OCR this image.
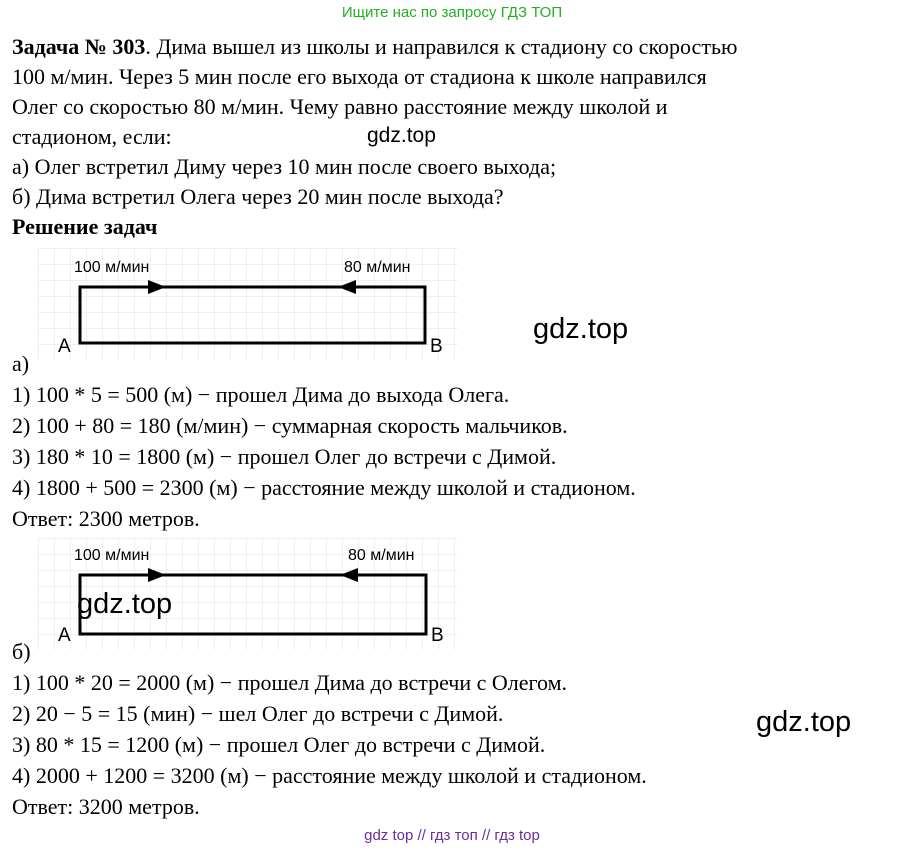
Ищите нас по запросу ГДЗ ТОП
Задача № 303. Дима вышел из школы и направился к стадиону со скоростью
100 м/мин. Через 5 мин после его выхода от стадиона к школе направился
Олег со скоростью 80 м/мин. Чему равно расстояние между школой и
стадионом, если:	gdz.top
а) Олег встретил Диму через 10 мин после своего выхода;
б) Дима встретил Олега через 20 мин после выхода?
Решение задач
100 м/мин	80 м/мин
A	B
gdz.top
а)
1) 100 * 5 = 500 (м) − прошел Дима до выхода Олега.
2) 100 + 80 = 180 (м/мин) − суммарная скорость мальчиков.
3) 180 * 10 = 1800 (м) − прошел Олег до встречи с Димой.
4) 1800 + 500 = 2300 (м) − расстояние между школой и стадионом.
Ответ: 2300 метров.
100 м/мин	80 м/мин
A	B
gdz.top
б)
1) 100 * 20 = 2000 (м) − прошел Дима до встречи с Олегом.
2) 20 − 5 = 15 (мин) − шел Олег до встречи с Димой.	gdz.top
3) 80 * 15 = 1200 (м) − прошел Олег до встречи с Димой.
4) 2000 + 1200 = 3200 (м) − расстояние между школой и стадионом.
Ответ: 3200 метров.
gdz top // гдз топ // гдз top
